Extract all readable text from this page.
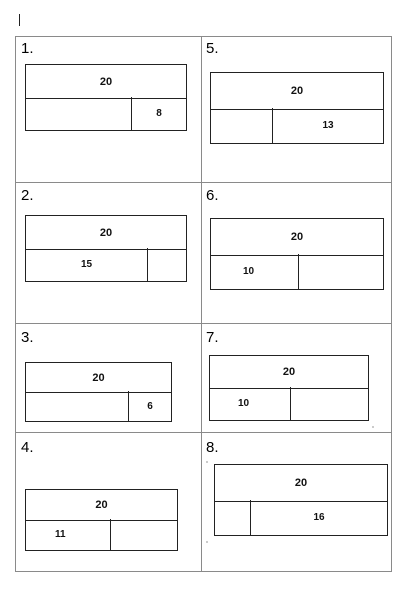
1.
20
8
2.
20
15
3.
20
6
4.
20
11
5.
20
13
6.
20
10
7.
20
10
8.
20
16
